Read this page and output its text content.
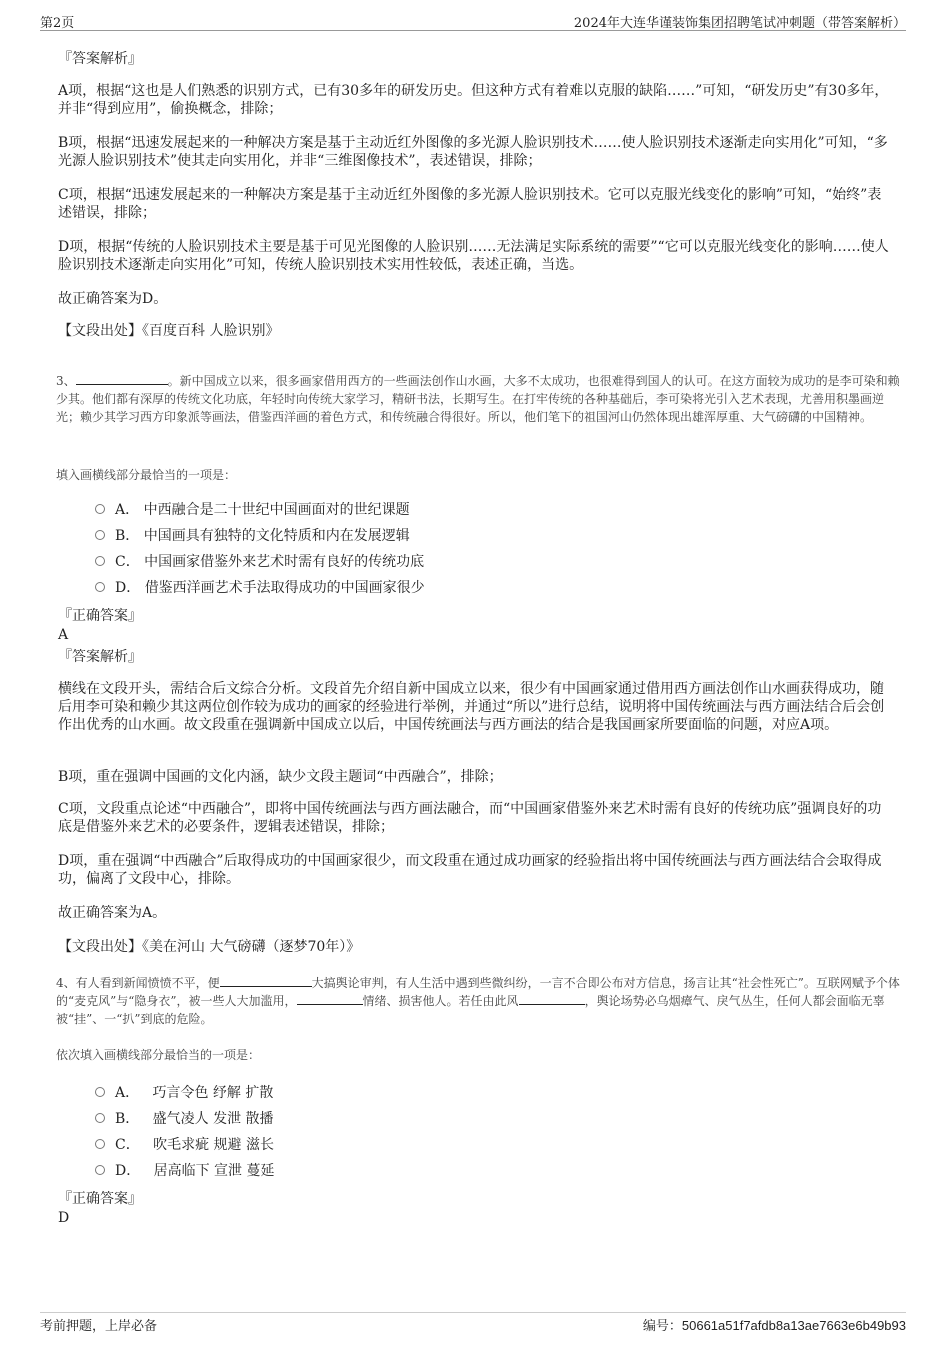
第2页	2024年大连华谨装饰集团招聘笔试冲刺题（带答案解析）
『答案解析』
A项，根据“这也是人们熟悉的识别方式，已有30多年的研发历史。但这种方式有着难以克服的缺陷……”可知，“研发历史”有30多年，并非“得到应用”，偷换概念，排除；
B项，根据“迅速发展起来的一种解决方案是基于主动近红外图像的多光源人脸识别技术……使人脸识别技术逐渐走向实用化”可知，“多光源人脸识别技术”使其走向实用化，并非“三维图像技术”，表述错误，排除；
C项，根据“迅速发展起来的一种解决方案是基于主动近红外图像的多光源人脸识别技术。它可以克服光线变化的影响”可知，“始终”表述错误，排除；
D项，根据“传统的人脸识别技术主要是基于可见光图像的人脸识别……无法满足实际系统的需要”“它可以克服光线变化的影响……使人脸识别技术逐渐走向实用化”可知，传统人脸识别技术实用性较低，表述正确，当选。
故正确答案为D。
【文段出处】《百度百科 人脸识别》
3、	。新中国成立以来，很多画家借用西方的一些画法创作山水画，大多不太成功，也很难得到国人的认可。在这方面较为成功的是李可染和赖少其。他们都有深厚的传统文化功底，年轻时向传统大家学习，精研书法，长期写生。在打牢传统的各种基础后，李可染将光引入艺术表现，尤善用积墨画逆光；赖少其学习西方印象派等画法，借鉴西洋画的着色方式，和传统融合得很好。所以，他们笔下的祖国河山仍然体现出雄浑厚重、大气磅礴的中国精神。
填入画横线部分最恰当的一项是：
A． 中西融合是二十世纪中国画面对的世纪课题
B． 中国画具有独特的文化特质和内在发展逻辑
C． 中国画家借鉴外来艺术时需有良好的传统功底
D． 借鉴西洋画艺术手法取得成功的中国画家很少
『正确答案』
A
『答案解析』
横线在文段开头，需结合后文综合分析。文段首先介绍自新中国成立以来，很少有中国画家通过借用西方画法创作山水画获得成功，随后用李可染和赖少其这两位创作较为成功的画家的经验进行举例，并通过“所以”进行总结，说明将中国传统画法与西方画法结合后会创作出优秀的山水画。故文段重在强调新中国成立以后，中国传统画法与西方画法的结合是我国画家所要面临的问题，对应A项。
B项，重在强调中国画的文化内涵，缺少文段主题词“中西融合”，排除；
C项，文段重点论述“中西融合”，即将中国传统画法与西方画法融合，而“中国画家借鉴外来艺术时需有良好的传统功底”强调良好的功底是借鉴外来艺术的必要条件，逻辑表述错误，排除；
D项，重在强调“中西融合”后取得成功的中国画家很少，而文段重在通过成功画家的经验指出将中国传统画法与西方画法结合会取得成功，偏离了文段中心，排除。
故正确答案为A。
【文段出处】《美在河山 大气磅礴（逐梦70年）》
4、有人看到新闻愤愤不平，便	大搞舆论审判，有人生活中遇到些微纠纷，一言不合即公布对方信息，扬言让其“社会性死亡”。互联网赋予个体的“麦克风”与“隐身衣”，被一些人大加滥用，	情绪、损害他人。若任由此风	，舆论场势必乌烟瘴气、戾气丛生，任何人都会面临无辜被“挂”、一“扒”到底的危险。
依次填入画横线部分最恰当的一项是：
A． 巧言令色 纾解 扩散
B． 盛气凌人 发泄 散播
C． 吹毛求疵 规避 滋长
D． 居高临下 宣泄 蔓延
『正确答案』
D
考前押题，上岸必备	编号：50661a51f7afdb8a13ae7663e6b49b93
